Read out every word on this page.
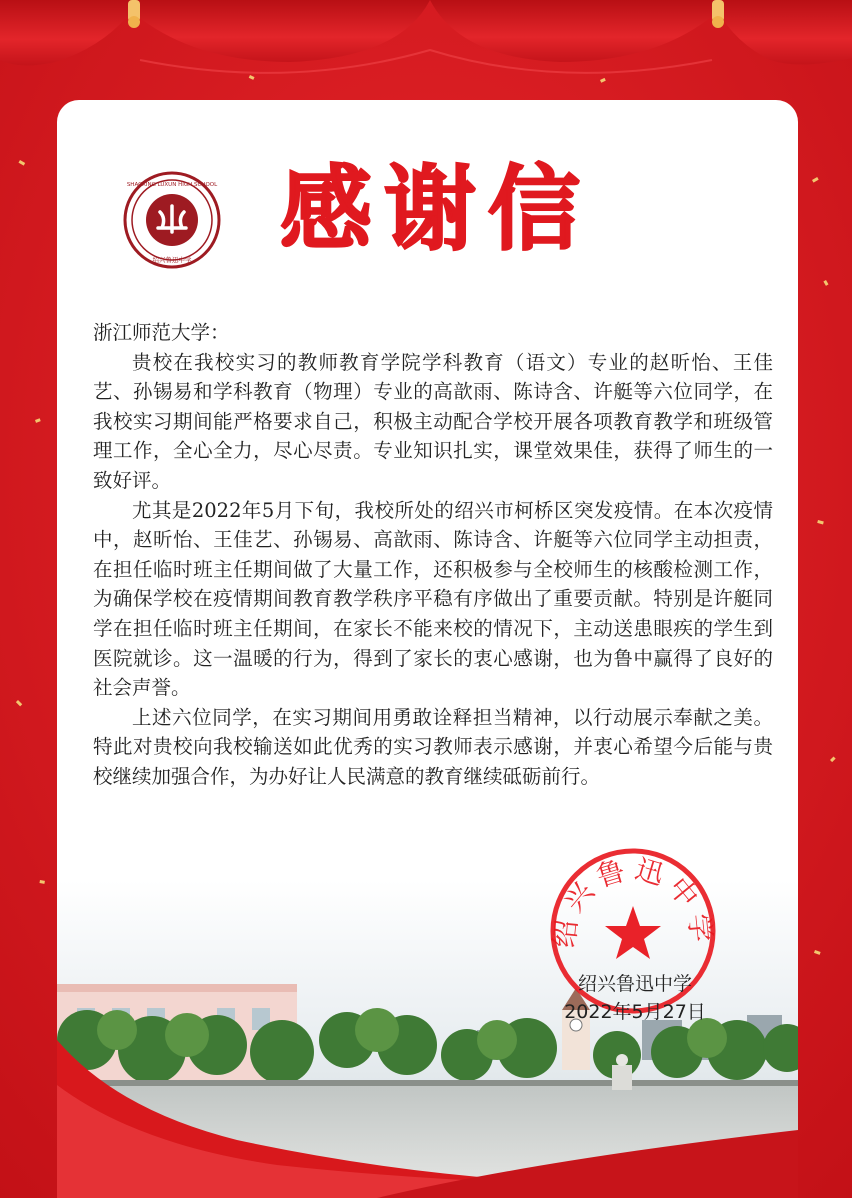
SHAOXING LUXUN HIGH SCHOOL
绍兴鲁迅中学 感谢信

浙江师范大学：

贵校在我校实习的教师教育学院学科教育（语文）专业的赵昕怡、王佳艺、孙锡易和学科教育（物理）专业的高歆雨、陈诗含、许艇等六位同学，在我校实习期间能严格要求自己，积极主动配合学校开展各项教育教学和班级管理工作，全心全力，尽心尽责。专业知识扎实，课堂效果佳，获得了师生的一致好评。

尤其是2022年5月下旬，我校所处的绍兴市柯桥区突发疫情。在本次疫情中，赵昕怡、王佳艺、孙锡易、高歆雨、陈诗含、许艇等六位同学主动担责，在担任临时班主任期间做了大量工作，还积极参与全校师生的核酸检测工作，为确保学校在疫情期间教育教学秩序平稳有序做出了重要贡献。特别是许艇同学在担任临时班主任期间，在家长不能来校的情况下，主动送患眼疾的学生到医院就诊。这一温暖的行为，得到了家长的衷心感谢，也为鲁中赢得了良好的社会声誉。

上述六位同学，在实习期间用勇敢诠释担当精神，以行动展示奉献之美。特此对贵校向我校输送如此优秀的实习教师表示感谢，并衷心希望今后能与贵校继续加强合作，为办好让人民满意的教育继续砥砺前行。

绍兴鲁迅中学
绍兴鲁迅中学
2022年5月27日
